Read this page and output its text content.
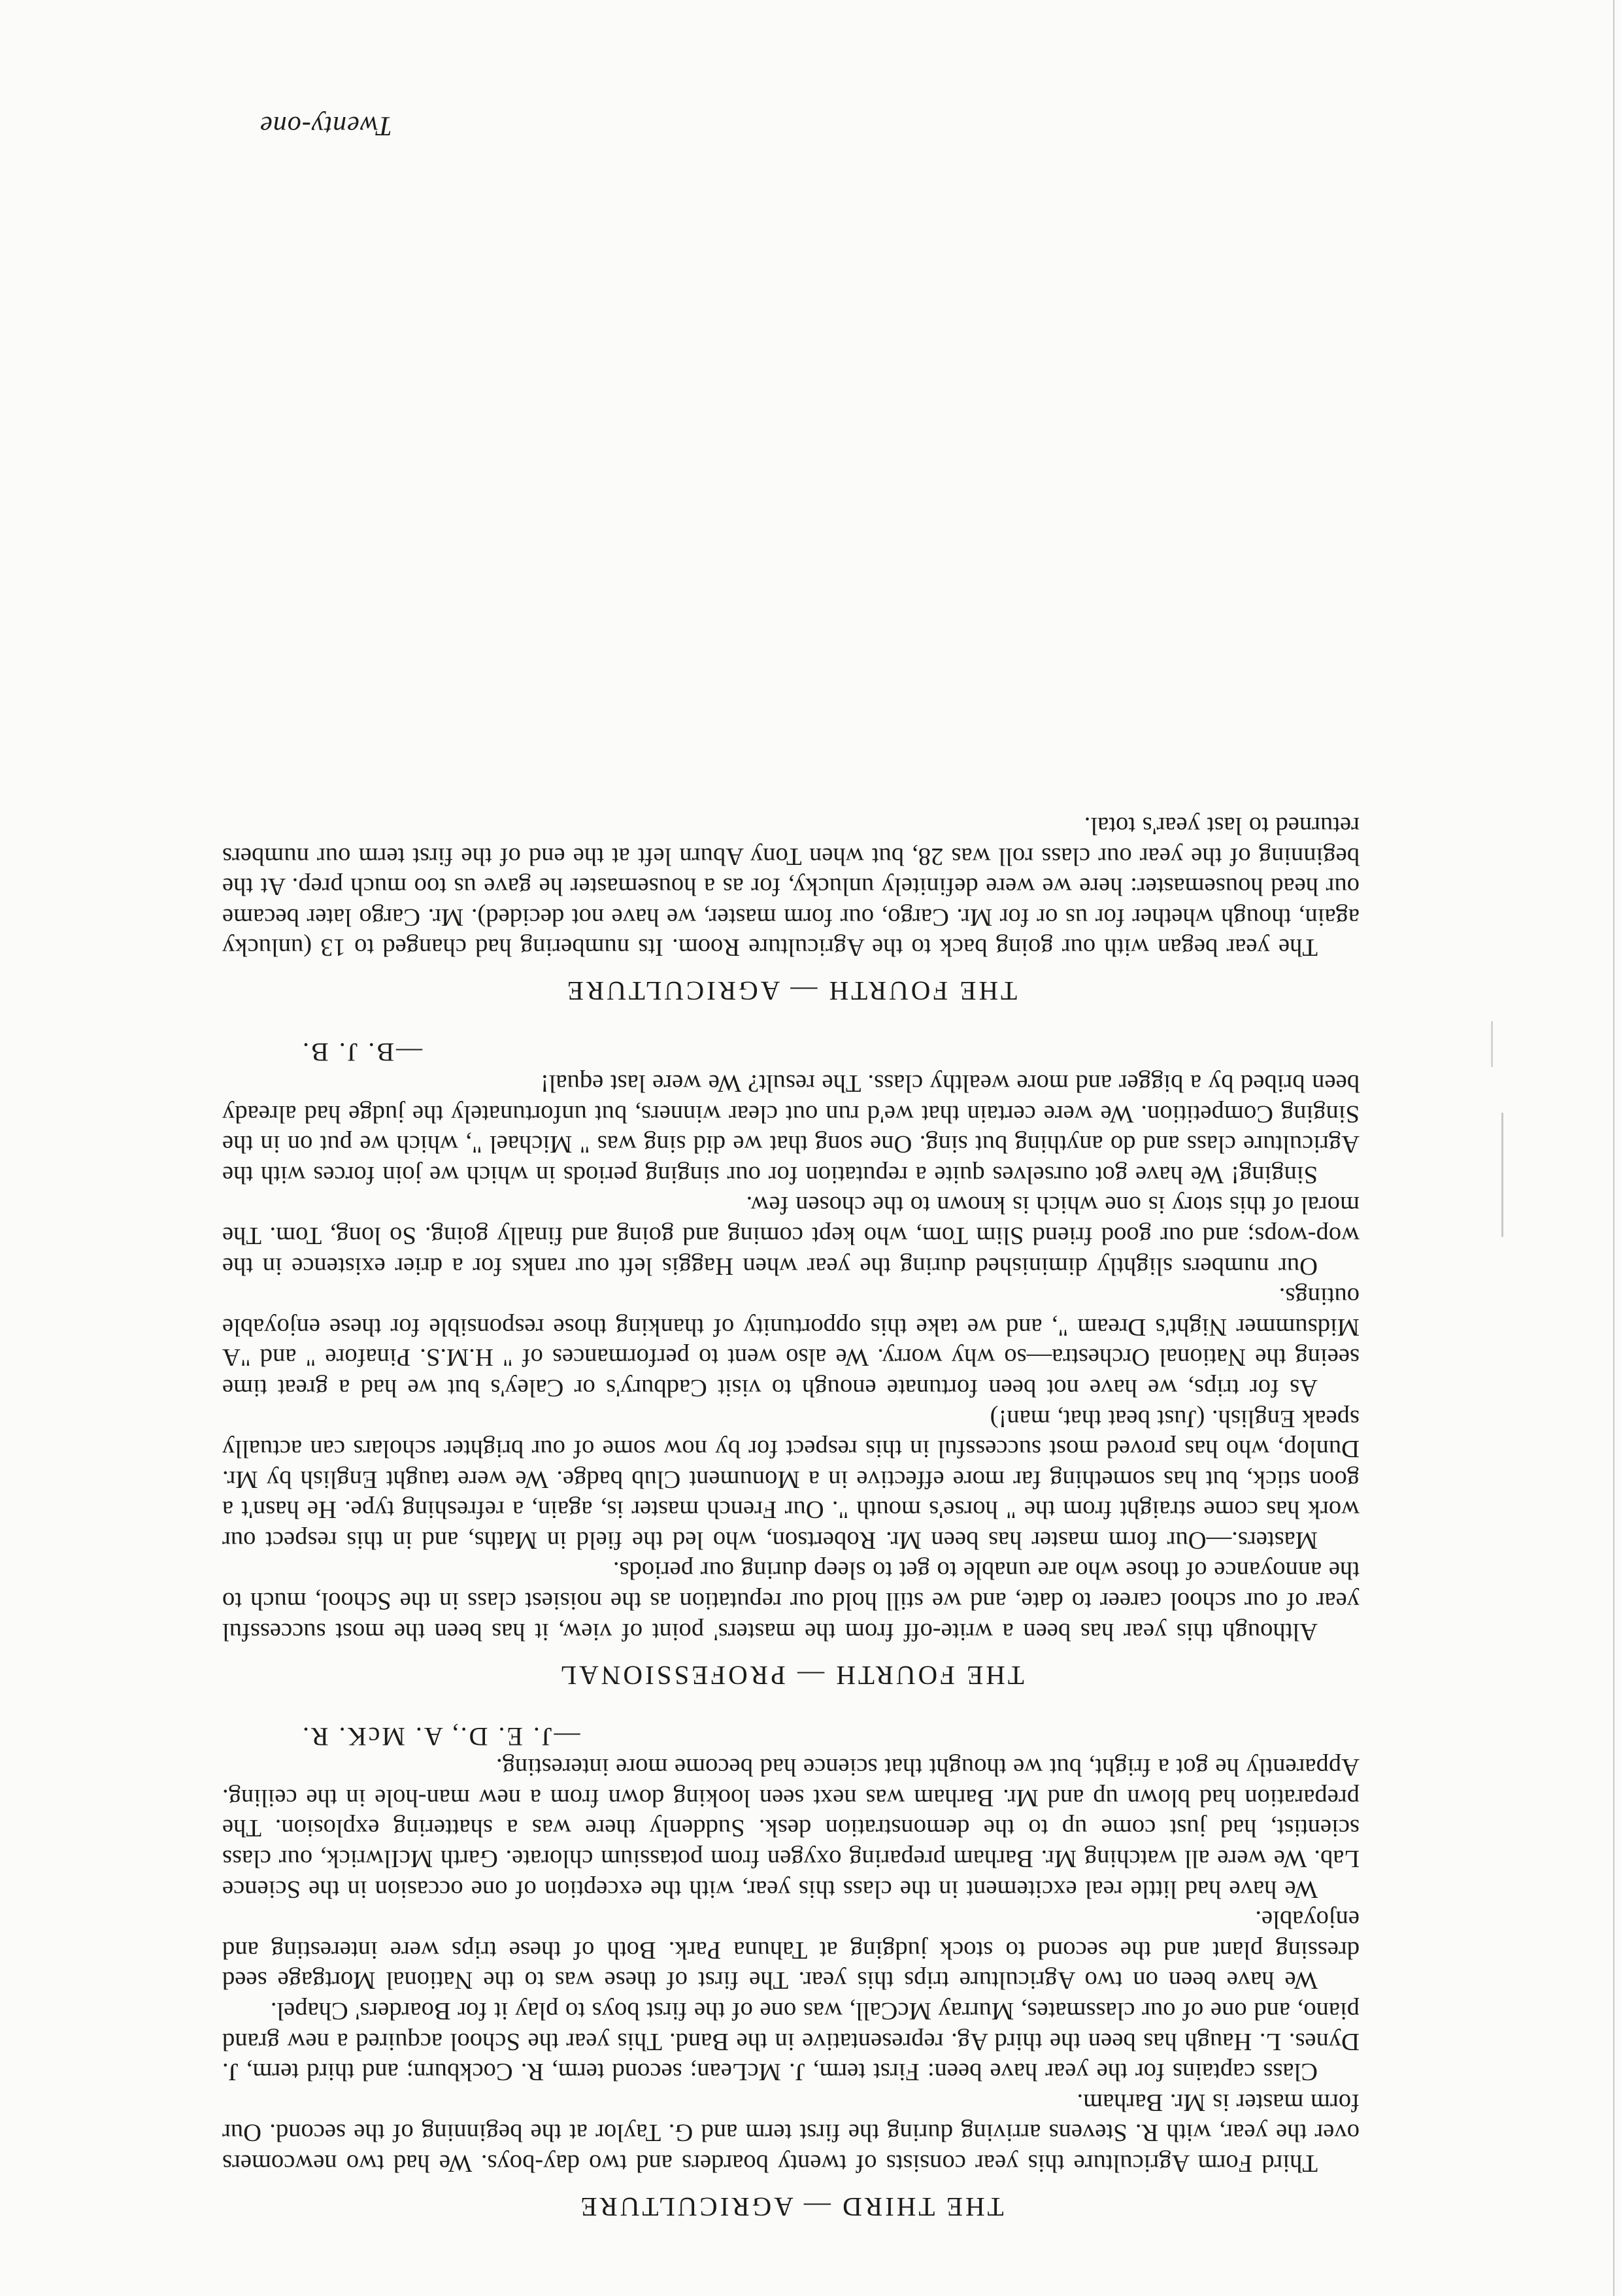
THE THIRD — AGRICULTURE

Third Form Agriculture this year consists of twenty boarders and two day-boys. We had two newcomers over the year, with R. Stevens arriving during the first term and G. Taylor at the beginning of the second. Our form master is Mr. Barham.

Class captains for the year have been: First term, J. McLean; second term, R. Cockburn; and third term, J. Dynes. L. Haugh has been the third Ag. representative in the Band. This year the School acquired a new grand piano, and one of our classmates, Murray McCall, was one of the first boys to play it for Boarders' Chapel.

We have been on two Agriculture trips this year. The first of these was to the National Mortgage seed dressing plant and the second to stock judging at Tahuna Park. Both of these trips were interesting and enjoyable.

We have had little real excitement in the class this year, with the exception of one occasion in the Science Lab. We were all watching Mr. Barham preparing oxygen from potassium chlorate. Garth McIlwrick, our class scientist, had just come up to the demonstration desk. Suddenly there was a shattering explosion. The preparation had blown up and Mr. Barham was next seen looking down from a new man-hole in the ceiling. Apparently he got a fright, but we thought that science had become more interesting.

—J. E. D., A. McK. R.
THE FOURTH — PROFESSIONAL

Although this year has been a write-off from the masters' point of view, it has been the most successful year of our school career to date, and we still hold our reputation as the noisiest class in the School, much to the annoyance of those who are unable to get to sleep during our periods.

Masters.—Our form master has been Mr. Robertson, who led the field in Maths, and in this respect our work has come straight from the " horse's mouth ". Our French master is, again, a refreshing type. He hasn't a goon stick, but has something far more effective in a Monument Club badge. We were taught English by Mr. Dunlop, who has proved most successful in this respect for by now some of our brighter scholars can actually speak English. (Just beat that, man!)

As for trips, we have not been fortunate enough to visit Cadbury's or Caley's but we had a great time seeing the National Orchestra—so why worry. We also went to performances of " H.M.S. Pinafore " and "A Midsummer Night's Dream ", and we take this opportunity of thanking those responsible for these enjoyable outings.

Our numbers slightly diminished during the year when Haggis left our ranks for a drier existence in the wop-wops; and our good friend Slim Tom, who kept coming and going and finally going. So long, Tom. The moral of this story is one which is known to the chosen few.

Singing! We have got ourselves quite a reputation for our singing periods in which we join forces with the Agriculture class and do anything but sing. One song that we did sing was " Michael ", which we put on in the Singing Competition. We were certain that we'd run out clear winners, but unfortunately the judge had already been bribed by a bigger and more wealthy class. The result? We were last equal!

—B. J. B.
THE FOURTH — AGRICULTURE

The year began with our going back to the Agriculture Room. Its numbering had changed to 13 (unlucky again, though whether for us or for Mr. Cargo, our form master, we have not decided). Mr. Cargo later became our head housemaster: here we were definitely unlucky, for as a housemaster he gave us too much prep. At the beginning of the year our class roll was 28, but when Tony Aburn left at the end of the first term our numbers returned to last year's total.

Twenty-one
